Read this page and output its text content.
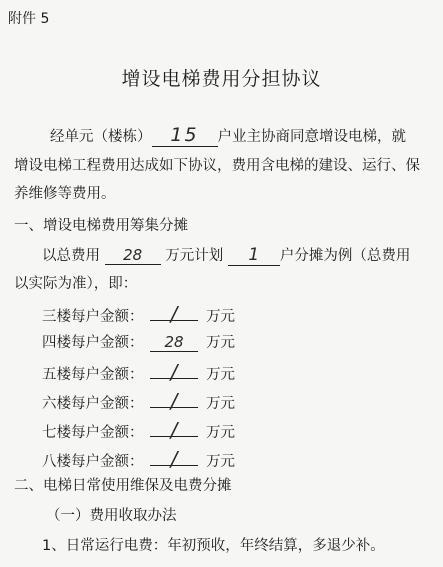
附件 5
增设电梯费用分担协议
经单元（楼栋） 15 户业主协商同意增设电梯，就
增设电梯工程费用达成如下协议，费用含电梯的建设、运行、保
养维修等费用。
一、增设电梯费用筹集分摊
以总费用 28 万元计划 1 户分摊为例（总费用
以实际为准），即：
三楼每户金额： / 万元
四楼每户金额： 28 万元
五楼每户金额： / 万元
六楼每户金额： / 万元
七楼每户金额： / 万元
八楼每户金额： / 万元
二、电梯日常使用维保及电费分摊
（一）费用收取办法
1、日常运行电费：年初预收，年终结算，多退少补。
